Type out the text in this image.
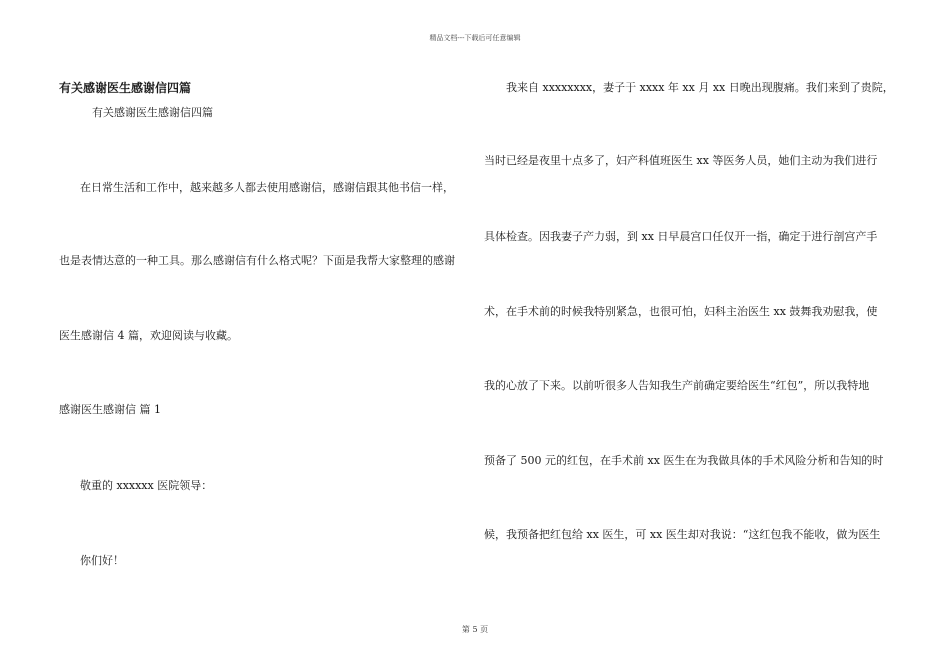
精品文档---下载后可任意编辑
有关感谢医生感谢信四篇
有关感谢医生感谢信四篇
在日常生活和工作中，越来越多人都去使用感谢信，感谢信跟其他书信一样，
也是表情达意的一种工具。那么感谢信有什么格式呢？下面是我帮大家整理的感谢
医生感谢信 4 篇，欢迎阅读与收藏。
感谢医生感谢信 篇 1
敬重的 xxxxxx 医院领导：
你们好！
我来自 xxxxxxxx，妻子于 xxxx 年 xx 月 xx 日晚出现腹痛。我们来到了贵院，
当时已经是夜里十点多了，妇产科值班医生 xx 等医务人员，她们主动为我们进行
具体检查。因我妻子产力弱，到 xx 日早晨宫口任仅开一指，确定于进行剖宫产手
术，在手术前的时候我特别紧急，也很可怕，妇科主治医生 xx 鼓舞我劝慰我，使
我的心放了下来。以前听很多人告知我生产前确定要给医生“红包”，所以我特地
预备了 500 元的红包，在手术前 xx 医生在为我做具体的手术风险分析和告知的时
候，我预备把红包给 xx 医生，可 xx 医生却对我说：“这红包我不能收，做为医生
第 5 页
